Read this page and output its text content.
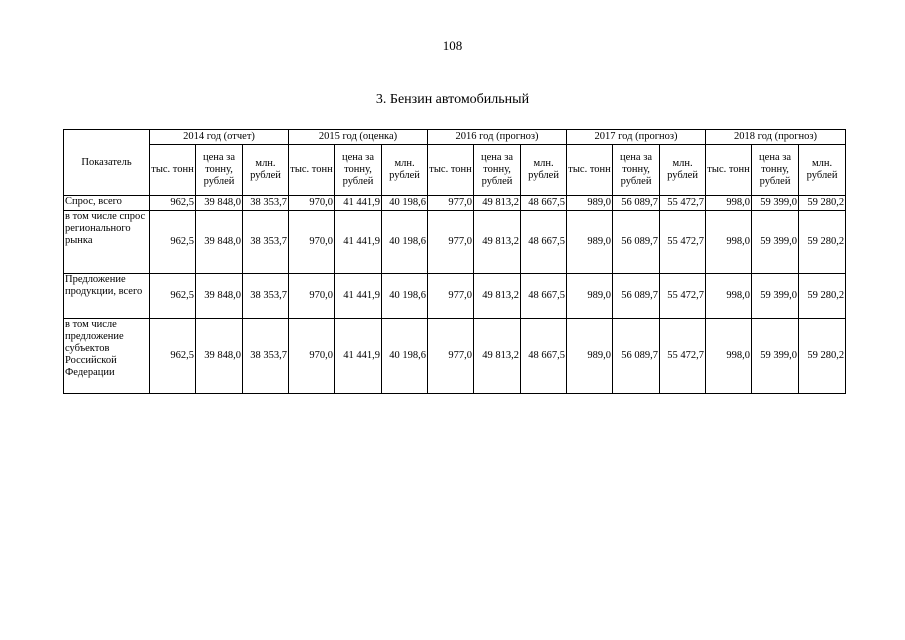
108
3. Бензин автомобильный
Показатель	2014 год (отчет)			2015 год (оценка)			2016 год (прогноз)			2017 год (прогноз)			2018 год (прогноз)		
	тыс. тонн	цена за тонну, рублей	млн. рублей	тыс. тонн	цена за тонну, рублей	млн. рублей	тыс. тонн	цена за тонну, рублей	млн. рублей	тыс. тонн	цена за тонну, рублей	млн. рублей	тыс. тонн	цена за тонну, рублей	млн. рублей
Спрос, всего	962,5	39 848,0	38 353,7	970,0	41 441,9	40 198,6	977,0	49 813,2	48 667,5	989,0	56 089,7	55 472,7	998,0	59 399,0	59 280,2
в том числе спрос регионального рынка	962,5	39 848,0	38 353,7	970,0	41 441,9	40 198,6	977,0	49 813,2	48 667,5	989,0	56 089,7	55 472,7	998,0	59 399,0	59 280,2
Предложение продукции, всего	962,5	39 848,0	38 353,7	970,0	41 441,9	40 198,6	977,0	49 813,2	48 667,5	989,0	56 089,7	55 472,7	998,0	59 399,0	59 280,2
в том числе предложение субъектов Российской Федерации	962,5	39 848,0	38 353,7	970,0	41 441,9	40 198,6	977,0	49 813,2	48 667,5	989,0	56 089,7	55 472,7	998,0	59 399,0	59 280,2
